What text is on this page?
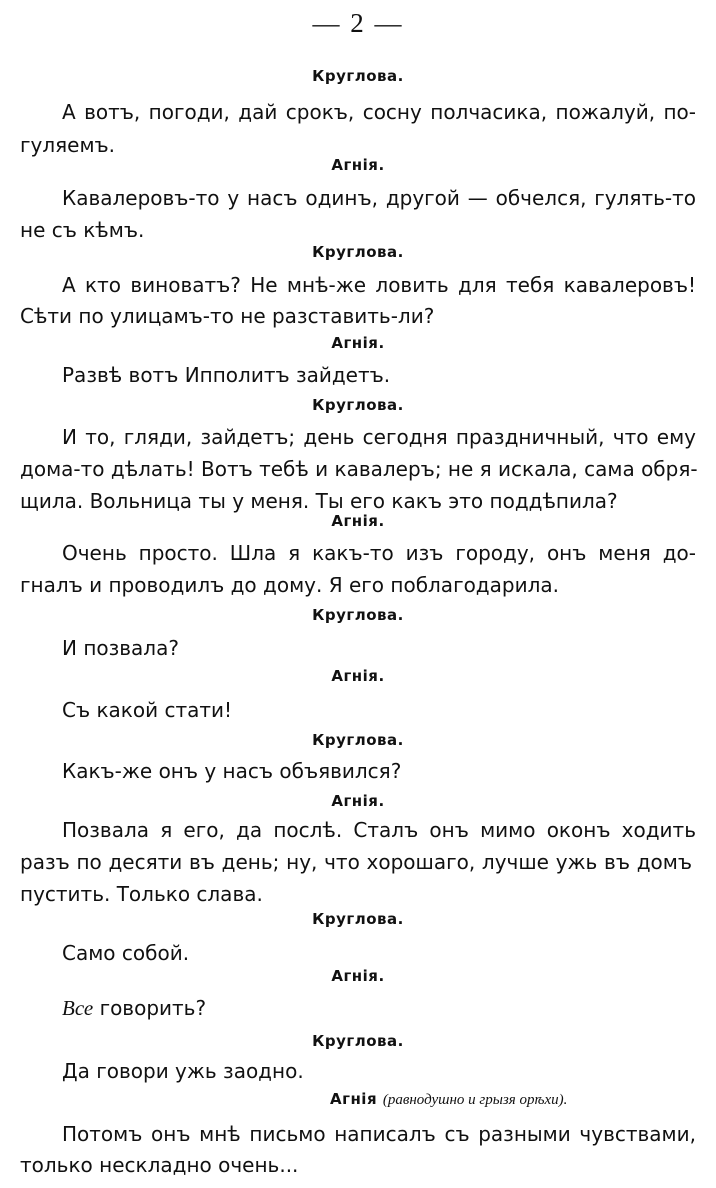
— 2 —
Круглова.
А вотъ, погоди, дай срокъ, сосну полчасика, пожалуй, по-
гуляемъ.
Агнія.
Кавалеровъ-то у насъ одинъ, другой — обчелся, гулять-то
не съ кѣмъ.
Круглова.
А кто виноватъ? Не мнѣ-же ловить для тебя кавалеровъ!
Сѣти по улицамъ-то не разставить-ли?
Агнія.
Развѣ вотъ Ипполитъ зайдетъ.
Круглова.
И то, гляди, зайдетъ; день сегодня праздничный, что ему
дома-то дѣлать! Вотъ тебѣ и кавалеръ; не я искала, сама обря-
щила. Вольница ты у меня. Ты его какъ это поддѣпила?
Агнія.
Очень просто. Шла я какъ-то изъ городу, онъ меня до-
гналъ и проводилъ до дому. Я его поблагодарила.
Круглова.
И позвала?
Агнія.
Съ какой стати!
Круглова.
Какъ-же онъ у насъ объявился?
Агнія.
Позвала я его, да послѣ. Сталъ онъ мимо оконъ ходить
разъ по десяти въ день; ну, что хорошаго, лучше ужь въ домъ
пустить. Только слава.
Круглова.
Само собой.
Агнія.
Все говорить?
Круглова.
Да говори ужь заодно.
Агнія (равнодушно и грызя орѣхи).
Потомъ онъ мнѣ письмо написалъ съ разными чувствами,
только нескладно очень...
